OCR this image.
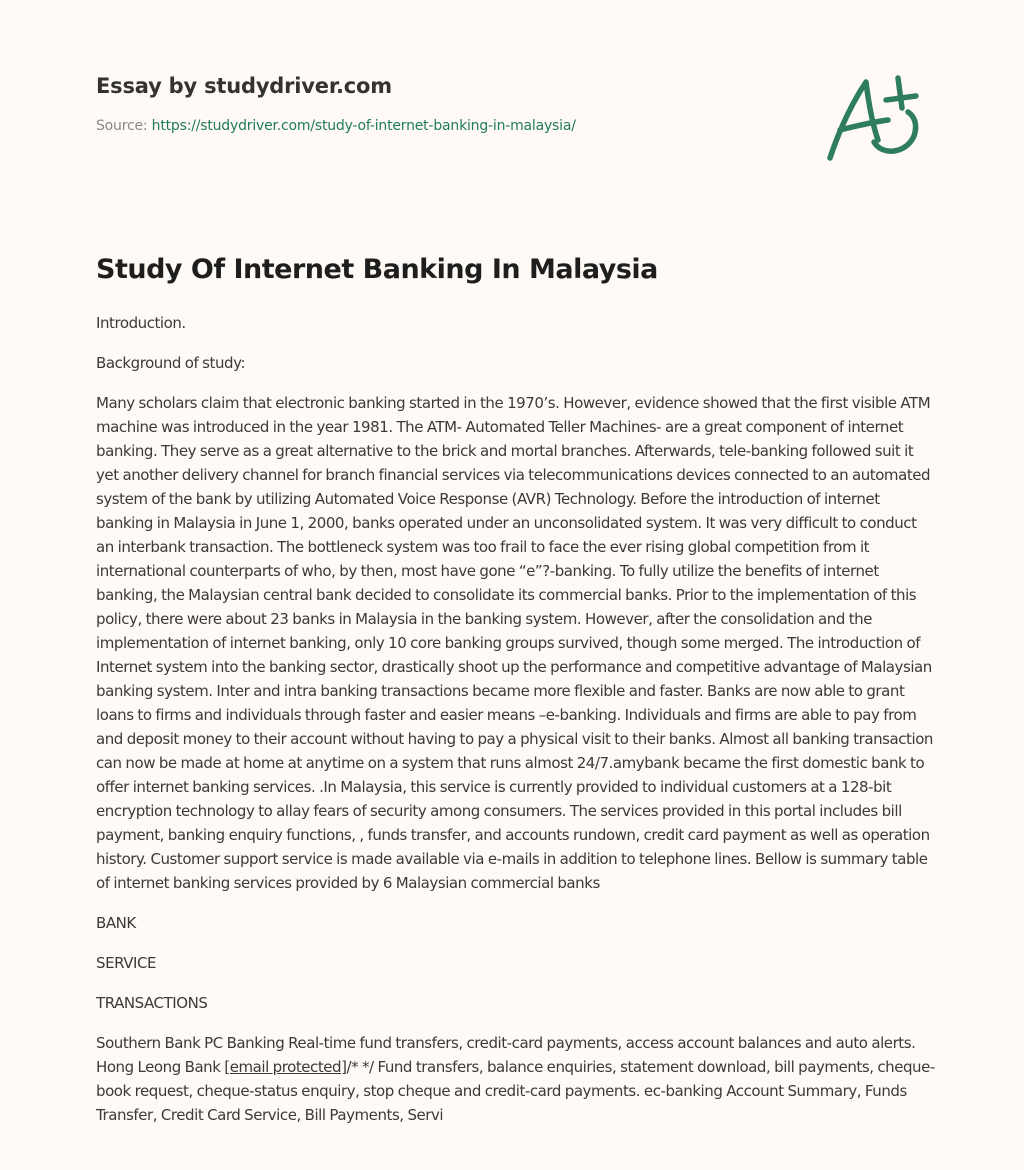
Essay by studydriver.com
Source: https://studydriver.com/study-of-internet-banking-in-malaysia/
Study Of Internet Banking In Malaysia

Introduction.

Background of study:

Many scholars claim that electronic banking started in the 1970’s. However, evidence showed that the first visible ATM machine was introduced in the year 1981. The ATM- Automated Teller Machines- are a great component of internet banking. They serve as a great alternative to the brick and mortal branches. Afterwards, tele-banking followed suit it yet another delivery channel for branch financial services via telecommunications devices connected to an automated system of the bank by utilizing Automated Voice Response (AVR) Technology. Before the introduction of internet banking in Malaysia in June 1, 2000, banks operated under an unconsolidated system. It was very difficult to conduct an interbank transaction. The bottleneck system was too frail to face the ever rising global competition from it international counterparts of who, by then, most have gone “e”?-banking. To fully utilize the benefits of internet banking, the Malaysian central bank decided to consolidate its commercial banks. Prior to the implementation of this policy, there were about 23 banks in Malaysia in the banking system. However, after the consolidation and the implementation of internet banking, only 10 core banking groups survived, though some merged. The introduction of Internet system into the banking sector, drastically shoot up the performance and competitive advantage of Malaysian banking system. Inter and intra banking transactions became more flexible and faster. Banks are now able to grant loans to firms and individuals through faster and easier means –e-banking. Individuals and firms are able to pay from and deposit money to their account without having to pay a physical visit to their banks. Almost all banking transaction can now be made at home at anytime on a system that runs almost 24/7.amybank became the first domestic bank to offer internet banking services. .In Malaysia, this service is currently provided to individual customers at a 128-bit encryption technology to allay fears of security among consumers. The services provided in this portal includes bill payment, banking enquiry functions, , funds transfer, and accounts rundown, credit card payment as well as operation history. Customer support service is made available via e-mails in addition to telephone lines. Bellow is summary table of internet banking services provided by 6 Malaysian commercial banks

BANK

SERVICE

TRANSACTIONS

Southern Bank PC Banking Real-time fund transfers, credit-card payments, access account balances and auto alerts. Hong Leong Bank [email protected]/* */ Fund transfers, balance enquiries, statement download, bill payments, cheque-book request, cheque-status enquiry, stop cheque and credit-card payments. ec-banking Account Summary, Funds Transfer, Credit Card Service, Bill Payments, Servi
